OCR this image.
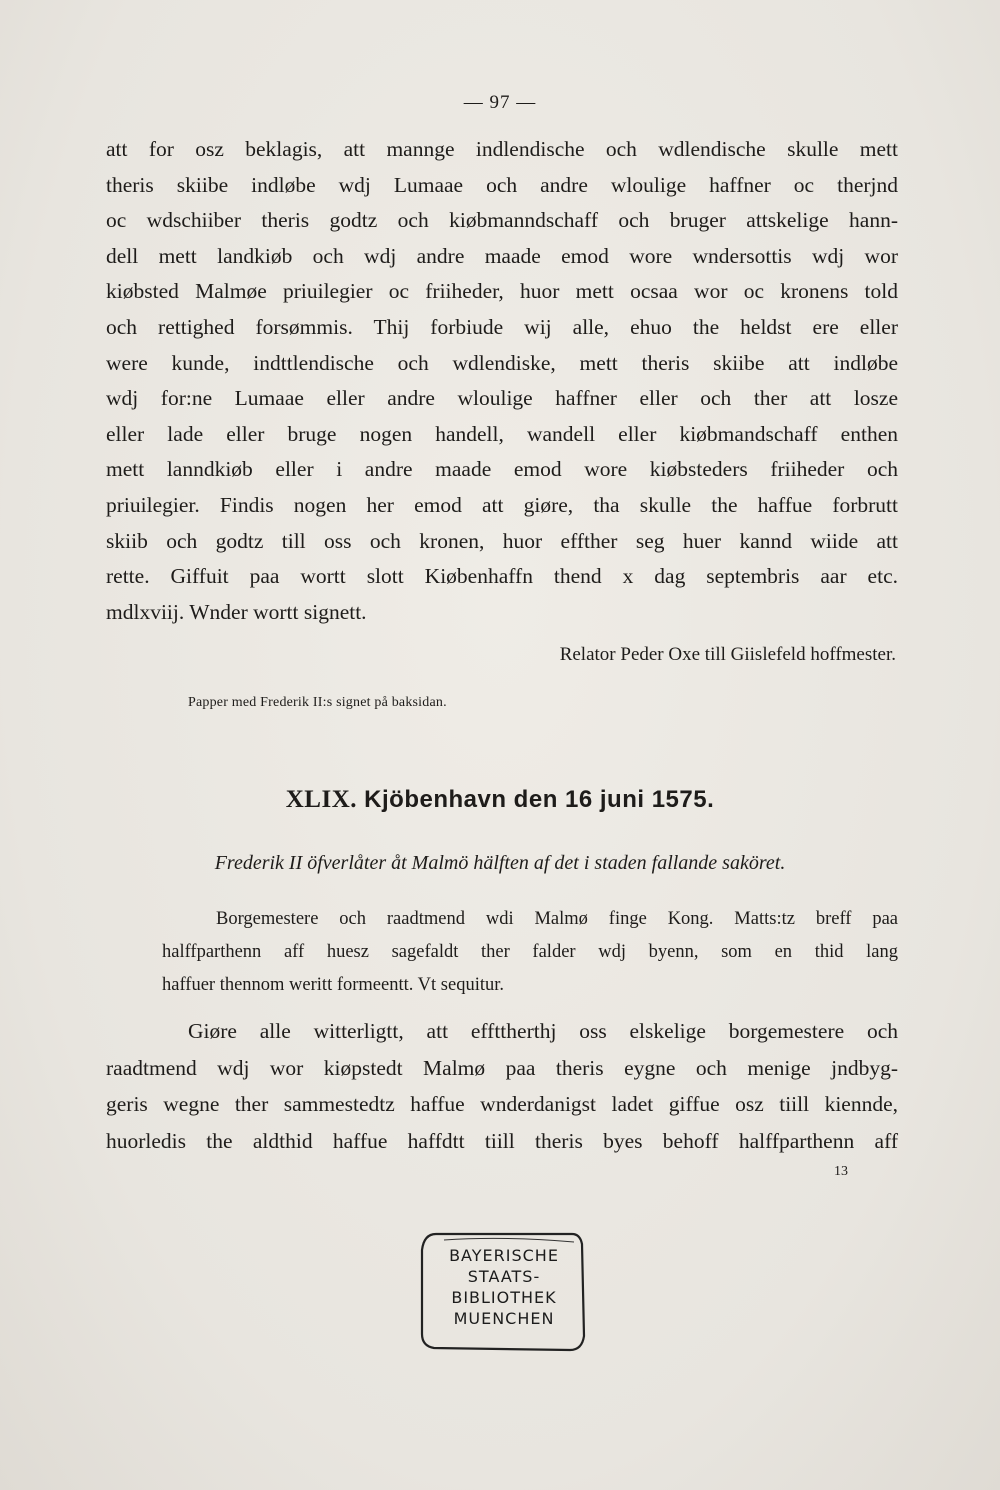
— 97 —
att for osz beklagis, att mannge indlendische och wdlendische skulle mett
theris skiibe indløbe wdj Lumaae och andre wloulige haffner oc therjnd
oc wdschiiber theris godtz och kiøbmanndschaff och bruger attskelige hann-
dell mett landkiøb och wdj andre maade emod wore wndersottis wdj wor
kiøbsted Malmøe priuilegier oc friiheder, huor mett ocsaa wor oc kronens told
och rettighed forsømmis. Thij forbiude wij alle, ehuo the heldst ere eller
were kunde, indttlendische och wdlendiske, mett theris skiibe att indløbe
wdj for:ne Lumaae eller andre wloulige haffner eller och ther att losze
eller lade eller bruge nogen handell, wandell eller kiøbmandschaff enthen
mett lanndkiøb eller i andre maade emod wore kiøbsteders friiheder och
priuilegier. Findis nogen her emod att giøre, tha skulle the haffue forbrutt
skiib och godtz till oss och kronen, huor effther seg huer kannd wiide att
rette. Giffuit paa wortt slott Kiøbenhaffn thend x dag septembris aar etc.
mdlxviij. Wnder wortt signett.
Relator Peder Oxe till Giislefeld hoffmester.
Papper med Frederik II:s signet på baksidan.
XLIX. Kjöbenhavn den 16 juni 1575.
Frederik II öfverlåter åt Malmö hälften af det i staden fallande saköret.
Borgemestere och raadtmend wdi Malmø finge Kong. Matts:tz breff paa
halffparthenn aff huesz sagefaldt ther falder wdj byenn, som en thid lang
haffuer thennom weritt formeentt. Vt sequitur.
Giøre alle witterligtt, att effttherthj oss elskelige borgemestere och
raadtmend wdj wor kiøpstedt Malmø paa theris eygne och menige jndbyg-
geris wegne ther sammestedtz haffue wnderdanigst ladet giffue osz tiill kiennde,
huorledis the aldthid haffue haffdtt tiill theris byes behoff halffparthenn aff
13
BAYERISCHE
STAATS-
BIBLIOTHEK
MUENCHEN
